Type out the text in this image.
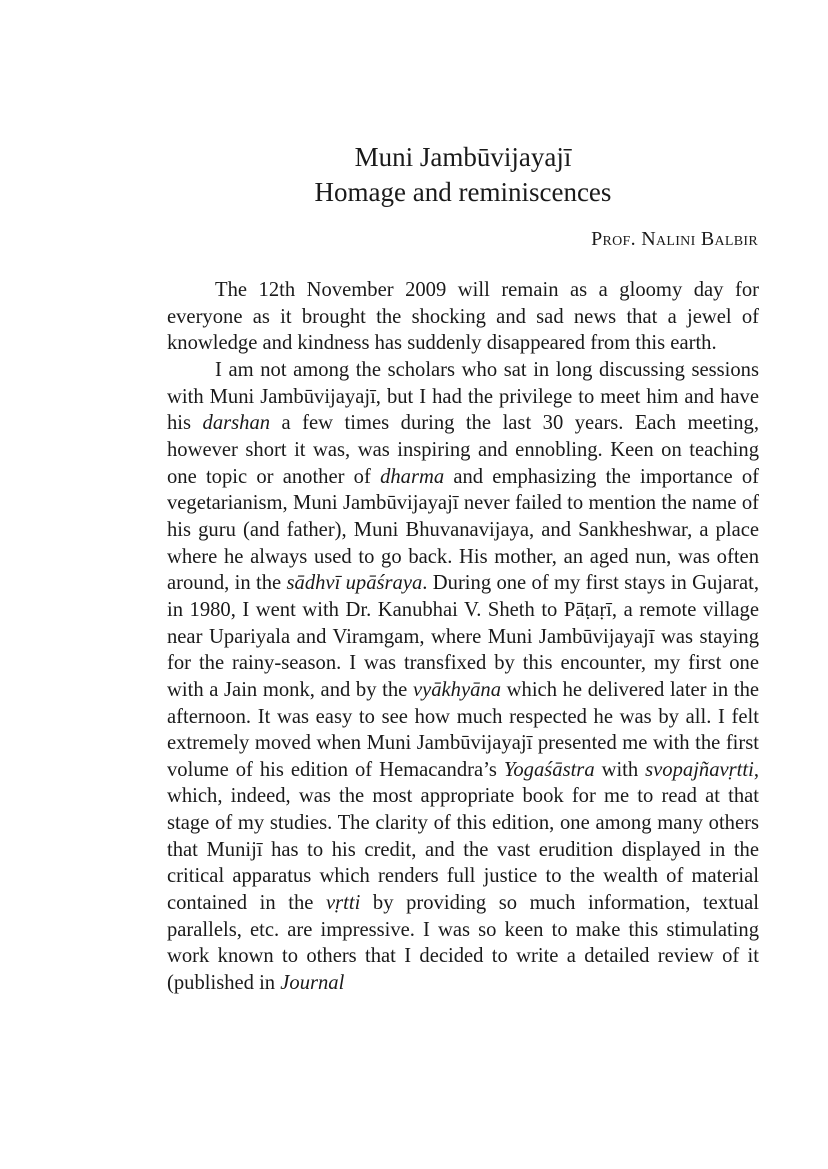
Muni Jambūvijayajī
Homage and reminiscences

Prof. Nalini Balbir

The 12th November 2009 will remain as a gloomy day for everyone as it brought the shocking and sad news that a jewel of knowledge and kindness has suddenly disappeared from this earth.

I am not among the scholars who sat in long discussing sessions with Muni Jambūvijayajī, but I had the privilege to meet him and have his darshan a few times during the last 30 years. Each meeting, however short it was, was inspiring and ennobling. Keen on teaching one topic or another of dharma and emphasizing the importance of vegetarianism, Muni Jambūvijayajī never failed to mention the name of his guru (and father), Muni Bhuvanavijaya, and Sankheshwar, a place where he always used to go back. His mother, an aged nun, was often around, in the sādhvī upāśraya. During one of my first stays in Gujarat, in 1980, I went with Dr. Kanubhai V. Sheth to Pāṭaṛī, a remote village near Upariyala and Viramgam, where Muni Jambūvijayajī was staying for the rainy-season. I was transfixed by this encounter, my first one with a Jain monk, and by the vyākhyāna which he delivered later in the afternoon. It was easy to see how much respected he was by all. I felt extremely moved when Muni Jambūvijayajī presented me with the first volume of his edition of Hemacandra’s Yogaśāstra with svopajñavṛtti, which, indeed, was the most appropriate book for me to read at that stage of my studies. The clarity of this edition, one among many others that Munijī has to his credit, and the vast erudition displayed in the critical apparatus which renders full justice to the wealth of material contained in the vṛtti by providing so much information, textual parallels, etc. are impressive. I was so keen to make this stimulating work known to others that I decided to write a detailed review of it (published in Journal
